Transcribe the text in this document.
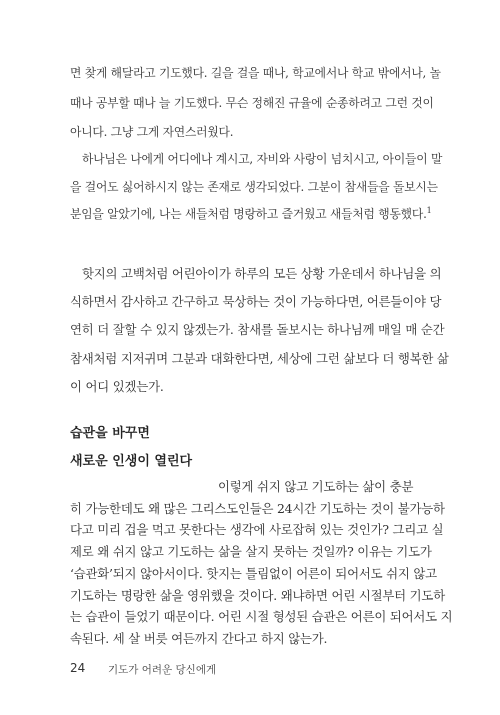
면 찾게 해달라고 기도했다. 길을 걸을 때나, 학교에서나 학교 밖에서나, 놀
때나 공부할 때나 늘 기도했다. 무슨 정해진 규율에 순종하려고 그런 것이
아니다. 그냥 그게 자연스러웠다.
하나님은 나에게 어디에나 계시고, 자비와 사랑이 넘치시고, 아이들이 말
을 걸어도 싫어하시지 않는 존재로 생각되었다. 그분이 참새들을 돌보시는
분임을 알았기에, 나는 새들처럼 명랑하고 즐거웠고 새들처럼 행동했다.$^1$
핫지의 고백처럼 어린아이가 하루의 모든 상황 가운데서 하나님을 의
식하면서 감사하고 간구하고 묵상하는 것이 가능하다면, 어른들이야 당
연히 더 잘할 수 있지 않겠는가. 참새를 돌보시는 하나님께 매일 매 순간
참새처럼 지저귀며 그분과 대화한다면, 세상에 그런 삶보다 더 행복한 삶
이 어디 있겠는가.
습관을 바꾸면
새로운 인생이 열린다
이렇게 쉬지 않고 기도하는 삶이 충분
히 가능한데도 왜 많은 그리스도인들은 24시간 기도하는 것이 불가능하
다고 미리 겁을 먹고 못한다는 생각에 사로잡혀 있는 것인가? 그리고 실
제로 왜 쉬지 않고 기도하는 삶을 살지 못하는 것일까? 이유는 기도가
‘습관화’되지 않아서이다. 핫지는 틀림없이 어른이 되어서도 쉬지 않고
기도하는 명랑한 삶을 영위했을 것이다. 왜냐하면 어린 시절부터 기도하
는 습관이 들었기 때문이다. 어린 시절 형성된 습관은 어른이 되어서도 지
속된다. 세 살 버릇 여든까지 간다고 하지 않는가.
24 기도가 어려운 당신에게
